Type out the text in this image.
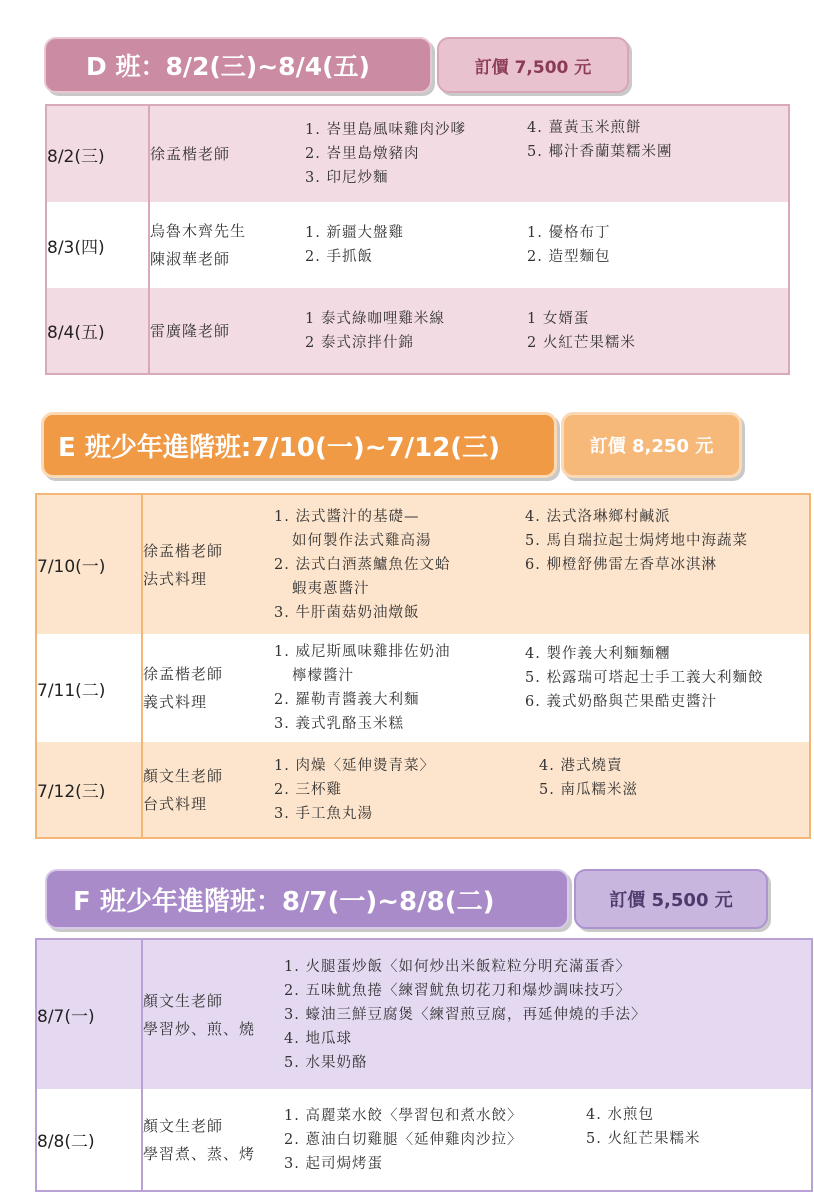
D 班：8/2(三)~8/4(五)	訂價 7,500 元
8/2(三)	徐孟楷老師	1. 峇里島風味雞肉沙嗲
2. 峇里島燉豬肉
3. 印尼炒麵	4. 薑黃玉米煎餅
5. 椰汁香蘭葉糯米團

8/3(四)	烏魯木齊先生
陳淑華老師	1. 新疆大盤雞
2. 手抓飯	1. 優格布丁
2. 造型麵包

8/4(五)	雷廣隆老師	1 泰式綠咖哩雞米線
2 泰式涼拌什錦	1 女婿蛋
2 火紅芒果糯米
E 班少年進階班:7/10(一)~7/12(三)	訂價 8,250 元
7/10(一)	徐孟楷老師
法式料理	1. 法式醬汁的基礎—
如何製作法式雞高湯
2. 法式白酒蒸鱸魚佐文蛤
蝦夷蔥醬汁
3. 牛肝菌菇奶油燉飯	4. 法式洛琳鄉村鹹派
5. 馬自瑞拉起士焗烤地中海蔬菜
6. 柳橙舒佛雷左香草冰淇淋

7/11(二)	徐孟楷老師
義式料理	1. 威尼斯風味雞排佐奶油
檸檬醬汁
2. 羅勒青醬義大利麵
3. 義式乳酪玉米糕	4. 製作義大利麵麵糰
5. 松露瑞可塔起士手工義大利麵餃
6. 義式奶酪與芒果酷吏醬汁

7/12(三)	顏文生老師
台式料理	1. 肉燥〈延伸燙青菜〉
2. 三杯雞
3. 手工魚丸湯	4. 港式燒賣
5. 南瓜糯米滋
F 班少年進階班：8/7(一)~8/8(二)	訂價 5,500 元
8/7(一)	顏文生老師
學習炒、煎、燒	1. 火腿蛋炒飯〈如何炒出米飯粒粒分明充滿蛋香〉
2. 五味魷魚捲〈練習魷魚切花刀和爆炒調味技巧〉
3. 蠔油三鮮豆腐煲〈練習煎豆腐，再延伸燒的手法〉
4. 地瓜球
5. 水果奶酪	

8/8(二)	顏文生老師
學習煮、蒸、烤	1. 高麗菜水餃〈學習包和煮水餃〉
2. 蔥油白切雞腿〈延伸雞肉沙拉〉
3. 起司焗烤蛋	4. 水煎包
5. 火紅芒果糯米
